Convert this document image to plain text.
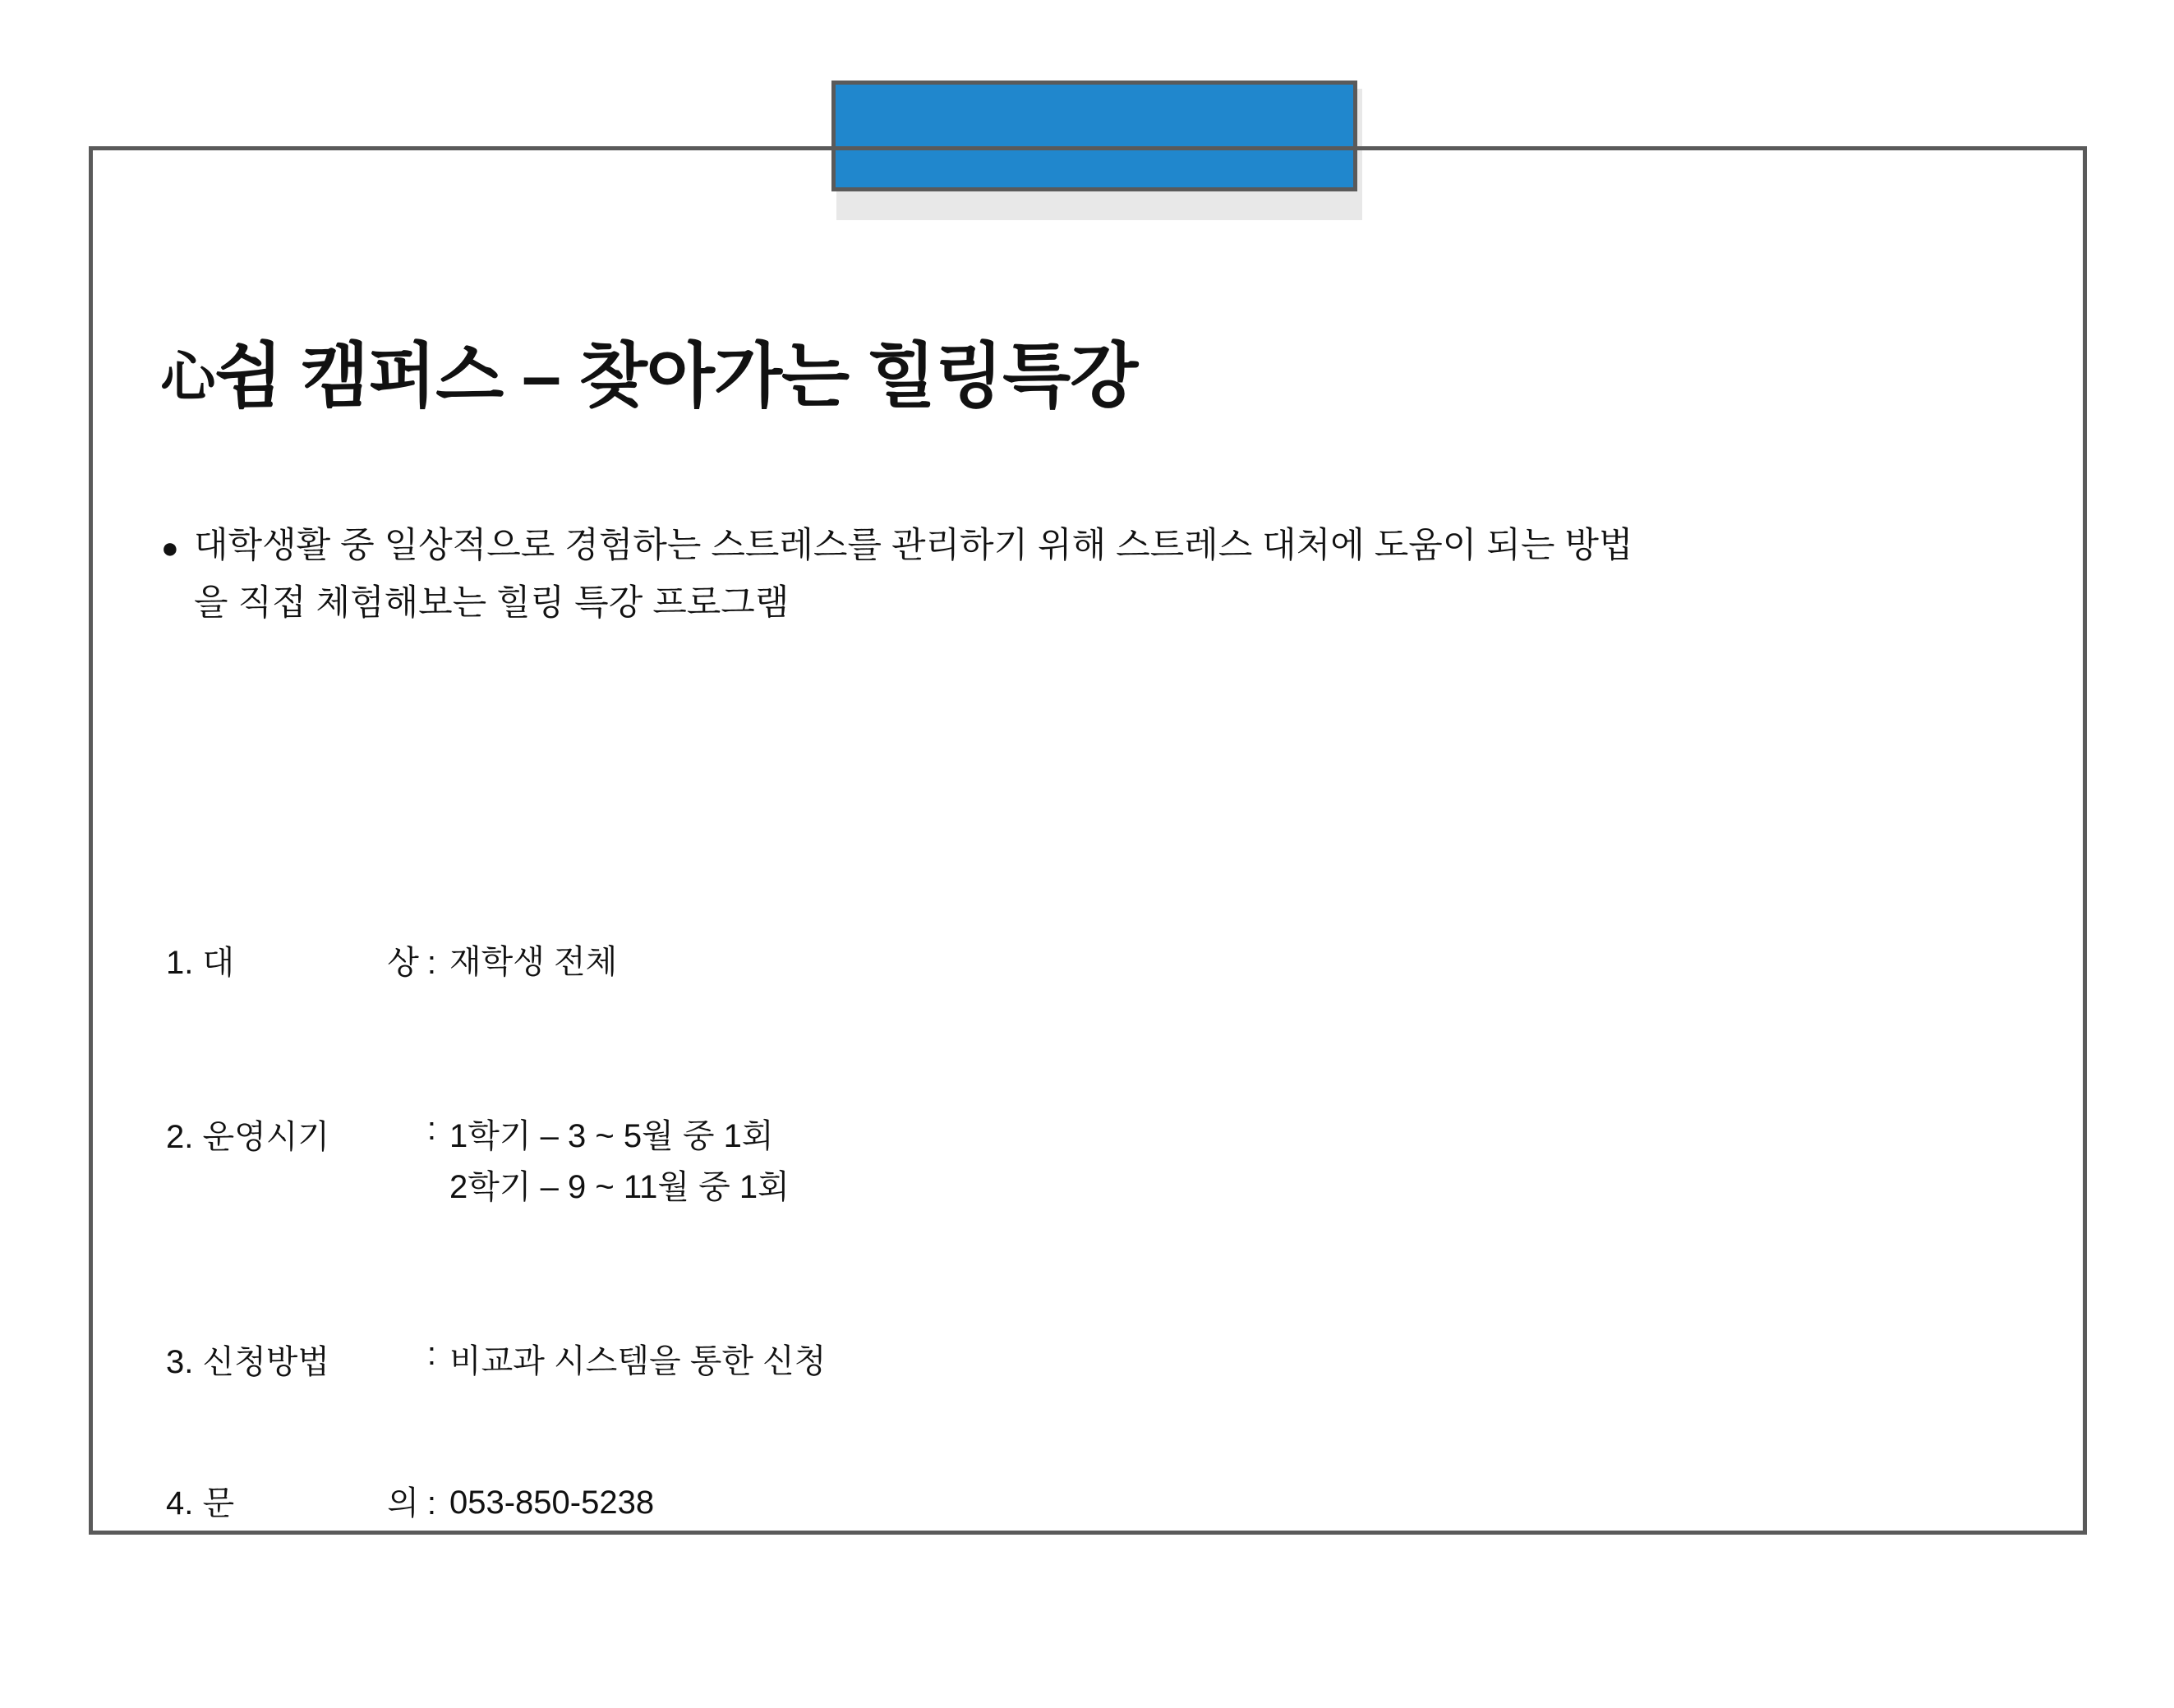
心쉼 캠퍼스 – 찾아가는 힐링특강
● 대학생활 중 일상적으로 경험하는 스트레스를 관리하기 위해 스트레스 대처에 도움이 되는 방법
을 직접 체험해보는 힐링 특강 프로그램
1. 대	상 : 재학생 전체
2. 운영시기	: 1학기 – 3 ~ 5월 중 1회
2학기 – 9 ~ 11월 중 1회
3. 신청방법	: 비교과 시스템을 통한 신청
4. 문	의 : 053-850-5238
